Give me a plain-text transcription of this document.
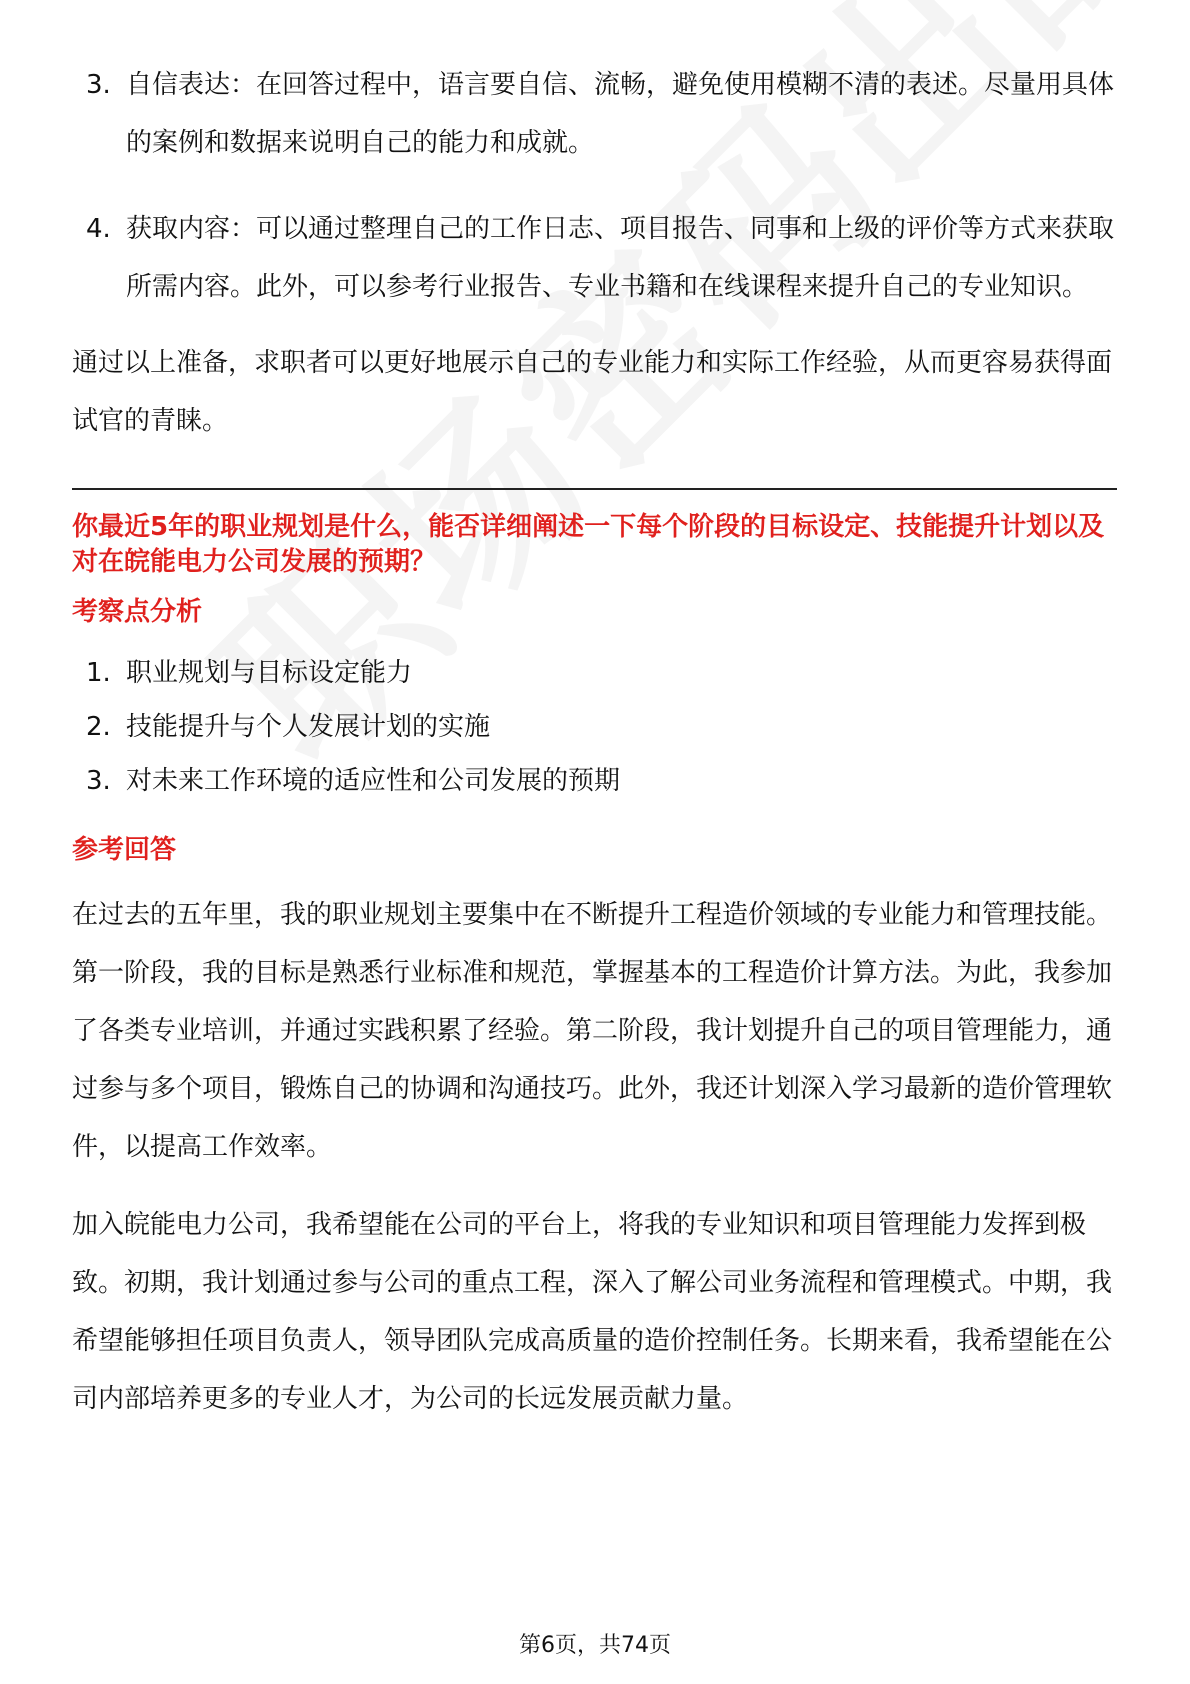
3. 自信表达：在回答过程中，语言要自信、流畅，避免使用模糊不清的表述。尽量用具体的案例和数据来说明自己的能力和成就。
4. 获取内容：可以通过整理自己的工作日志、项目报告、同事和上级的评价等方式来获取所需内容。此外，可以参考行业报告、专业书籍和在线课程来提升自己的专业知识。

通过以上准备，求职者可以更好地展示自己的专业能力和实际工作经验，从而更容易获得面试官的青睐。

你最近5年的职业规划是什么，能否详细阐述一下每个阶段的目标设定、技能提升计划以及对在皖能电力公司发展的预期？

考察点分析

1. 职业规划与目标设定能力
2. 技能提升与个人发展计划的实施
3. 对未来工作环境的适应性和公司发展的预期

参考回答

在过去的五年里，我的职业规划主要集中在不断提升工程造价领域的专业能力和管理技能。第一阶段，我的目标是熟悉行业标准和规范，掌握基本的工程造价计算方法。为此，我参加了各类专业培训，并通过实践积累了经验。第二阶段，我计划提升自己的项目管理能力，通过参与多个项目，锻炼自己的协调和沟通技巧。此外，我还计划深入学习最新的造价管理软件，以提高工作效率。

加入皖能电力公司，我希望能在公司的平台上，将我的专业知识和项目管理能力发挥到极致。初期，我计划通过参与公司的重点工程，深入了解公司业务流程和管理模式。中期，我希望能够担任项目负责人，领导团队完成高质量的造价控制任务。长期来看，我希望能在公司内部培养更多的专业人才，为公司的长远发展贡献力量。

第6页，共74页
